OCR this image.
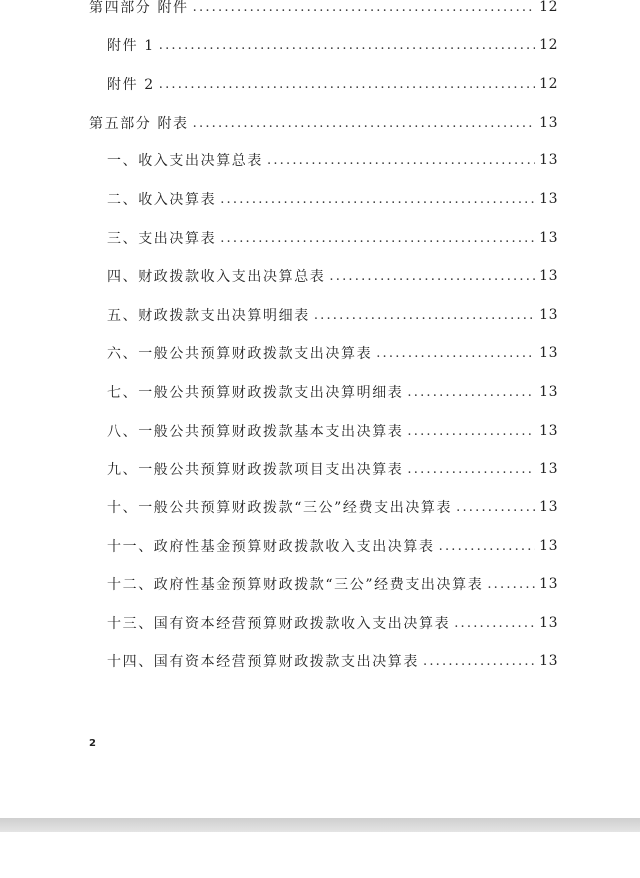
第四部分 附件 .....	12
附件 1 .....	12
附件 2 .....	12
第五部分 附表 .....	13
一、收入支出决算总表 .....	13
二、收入决算表 .....	13
三、支出决算表 .....	13
四、财政拨款收入支出决算总表 .....	13
五、财政拨款支出决算明细表 .....	13
六、一般公共预算财政拨款支出决算表 .....	13
七、一般公共预算财政拨款支出决算明细表 .....	13
八、一般公共预算财政拨款基本支出决算表 .....	13
九、一般公共预算财政拨款项目支出决算表 .....	13
十、一般公共预算财政拨款“三公”经费支出决算表 .....	13
十一、政府性基金预算财政拨款收入支出决算表 .....	13
十二、政府性基金预算财政拨款“三公”经费支出决算表 .....	13
十三、国有资本经营预算财政拨款收入支出决算表 .....	13
十四、国有资本经营预算财政拨款支出决算表 .....	13
2
